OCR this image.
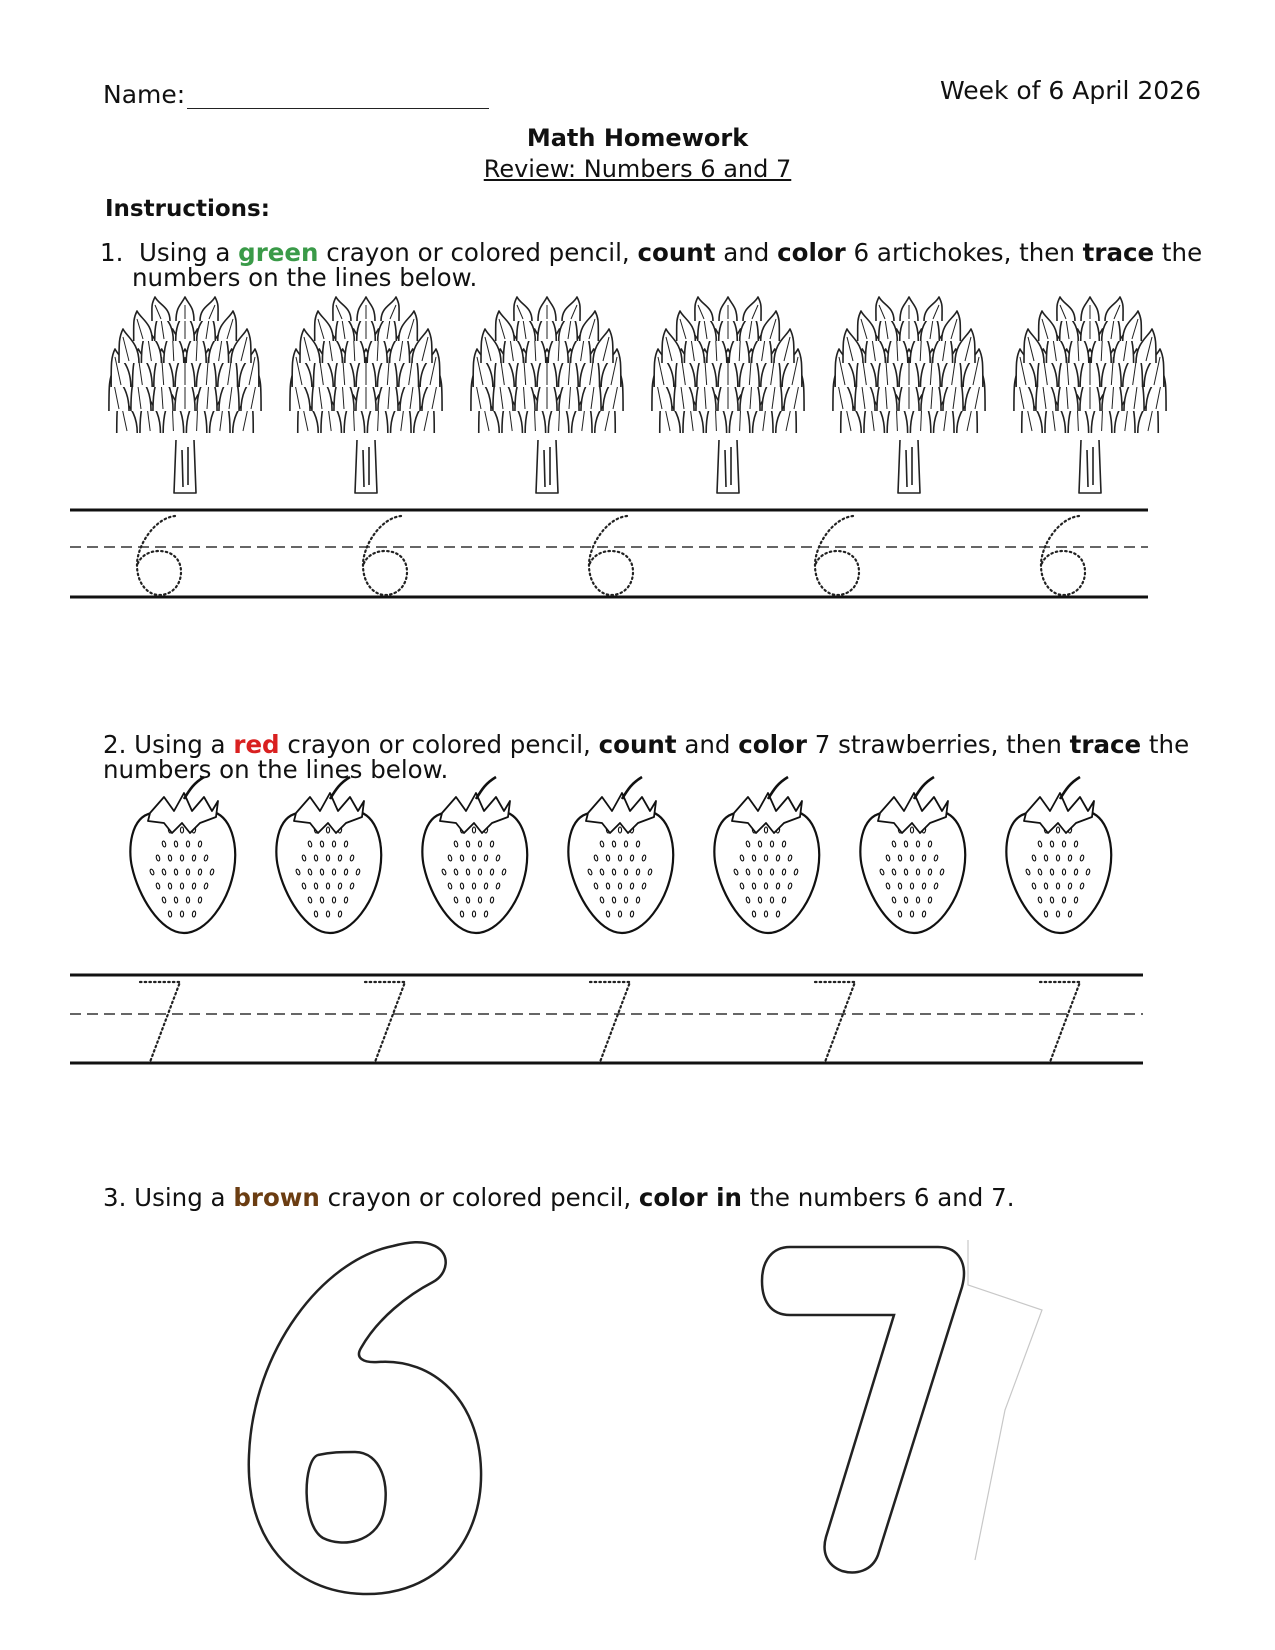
Name:	Week of 6 April 2026
Math Homework
Review: Numbers 6 and 7
Instructions:
1. Using a green crayon or colored pencil, count and color 6 artichokes, then trace the
numbers on the lines below.
2. Using a red crayon or colored pencil, count and color 7 strawberries, then trace the
numbers on the lines below.
3. Using a brown crayon or colored pencil, color in the numbers 6 and 7.
